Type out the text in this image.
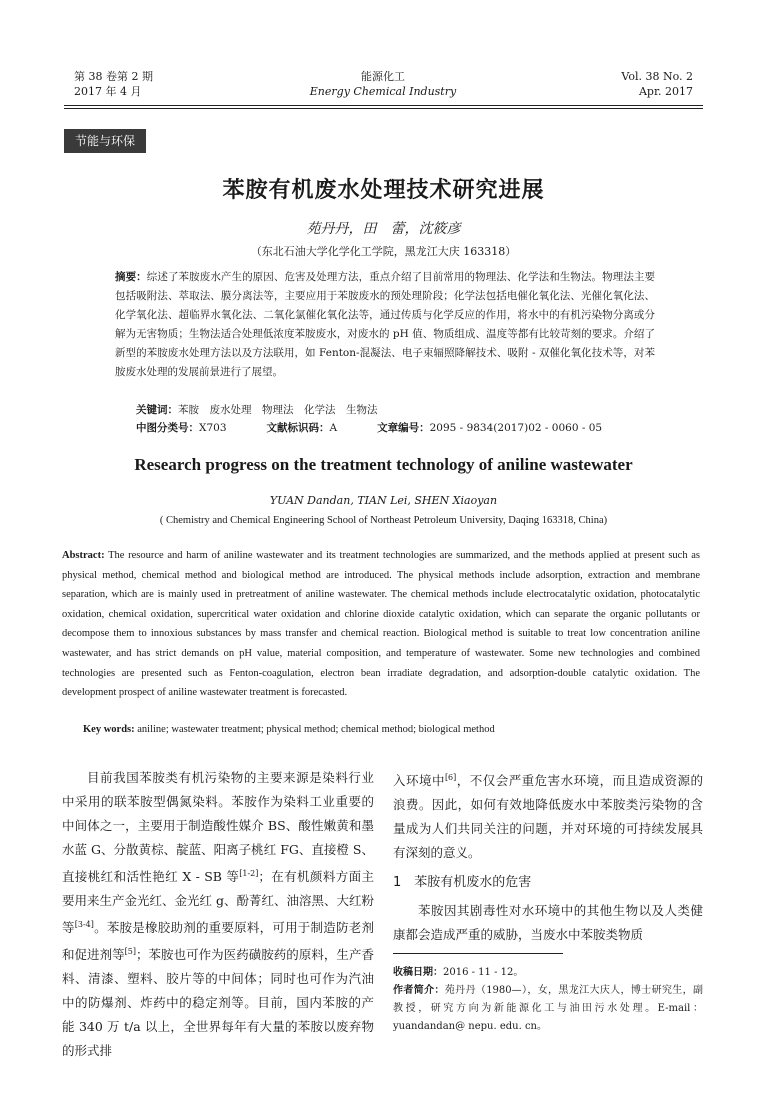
第 38 卷第 2 期
2017 年 4 月
能源化工
Energy Chemical Industry
Vol. 38 No. 2
Apr. 2017
节能与环保
苯胺有机废水处理技术研究进展
苑丹丹，田　蕾，沈筱彦
（东北石油大学化学化工学院，黑龙江大庆 163318）
摘要：综述了苯胺废水产生的原因、危害及处理方法，重点介绍了目前常用的物理法、化学法和生物法。物理法主要包括吸附法、萃取法、膜分离法等，主要应用于苯胺废水的预处理阶段；化学法包括电催化氧化法、光催化氧化法、化学氧化法、超临界水氧化法、二氧化氯催化氧化法等，通过传质与化学反应的作用，将水中的有机污染物分离或分解为无害物质；生物法适合处理低浓度苯胺废水，对废水的 pH 值、物质组成、温度等都有比较苛刻的要求。介绍了新型的苯胺废水处理方法以及方法联用，如 Fenton-混凝法、电子束辐照降解技术、吸附 - 双催化氧化技术等，对苯胺废水处理的发展前景进行了展望。
关键词：苯胺　废水处理　物理法　化学法　生物法
中图分类号：X703	文献标识码：A	文章编号：2095 - 9834(2017)02 - 0060 - 05
Research progress on the treatment technology of aniline wastewater
YUAN Dandan, TIAN Lei, SHEN Xiaoyan
( Chemistry and Chemical Engineering School of Northeast Petroleum University, Daqing 163318, China)
Abstract: The resource and harm of aniline wastewater and its treatment technologies are summarized, and the methods applied at present such as physical method, chemical method and biological method are introduced. The physical methods include adsorption, extraction and membrane separation, which are is mainly used in pretreatment of aniline wastewater. The chemical methods include electrocatalytic oxidation, photocatalytic oxidation, chemical oxidation, supercritical water oxidation and chlorine dioxide catalytic oxidation, which can separate the organic pollutants or decompose them to innoxious substances by mass transfer and chemical reaction. Biological method is suitable to treat low concentration aniline wastewater, and has strict demands on pH value, material composition, and temperature of wastewater. Some new technologies and combined technologies are presented such as Fenton-coagulation, electron bean irradiate degradation, and adsorption-double catalytic oxidation. The development prospect of aniline wastewater treatment is forecasted.
Key words: aniline; wastewater treatment; physical method; chemical method; biological method
目前我国苯胺类有机污染物的主要来源是染料行业中采用的联苯胺型偶氮染料。苯胺作为染料工业重要的中间体之一，主要用于制造酸性媒介 BS、酸性嫩黄和墨水蓝 G、分散黄棕、靛蓝、阳离子桃红 FG、直接橙 S、直接桃红和活性艳红 X - SB 等[1-2]；在有机颜料方面主要用来生产金光红、金光红 g、酚菁红、油溶黑、大红粉等[3-4]。苯胺是橡胶助剂的重要原料，可用于制造防老剂和促进剂等[5]；苯胺也可作为医药磺胺药的原料，生产香料、清漆、塑料、胶片等的中间体；同时也可作为汽油中的防爆剂、炸药中的稳定剂等。目前，国内苯胺的产能 340 万 t/a 以上，全世界每年有大量的苯胺以废弃物的形式排

入环境中[6]，不仅会严重危害水环境，而且造成资源的浪费。因此，如何有效地降低废水中苯胺类污染物的含量成为人们共同关注的问题，并对环境的可持续发展具有深刻的意义。

1　苯胺有机废水的危害

苯胺因其剧毒性对水环境中的其他生物以及人类健康都会造成严重的威胁，当废水中苯胺类物质

收稿日期：2016 - 11 - 12。

作者简介：苑丹丹（1980—），女，黑龙江大庆人，博士研究生，副教授，研究方向为新能源化工与油田污水处理。E-mail：yuandandan@ nepu. edu. cn。
